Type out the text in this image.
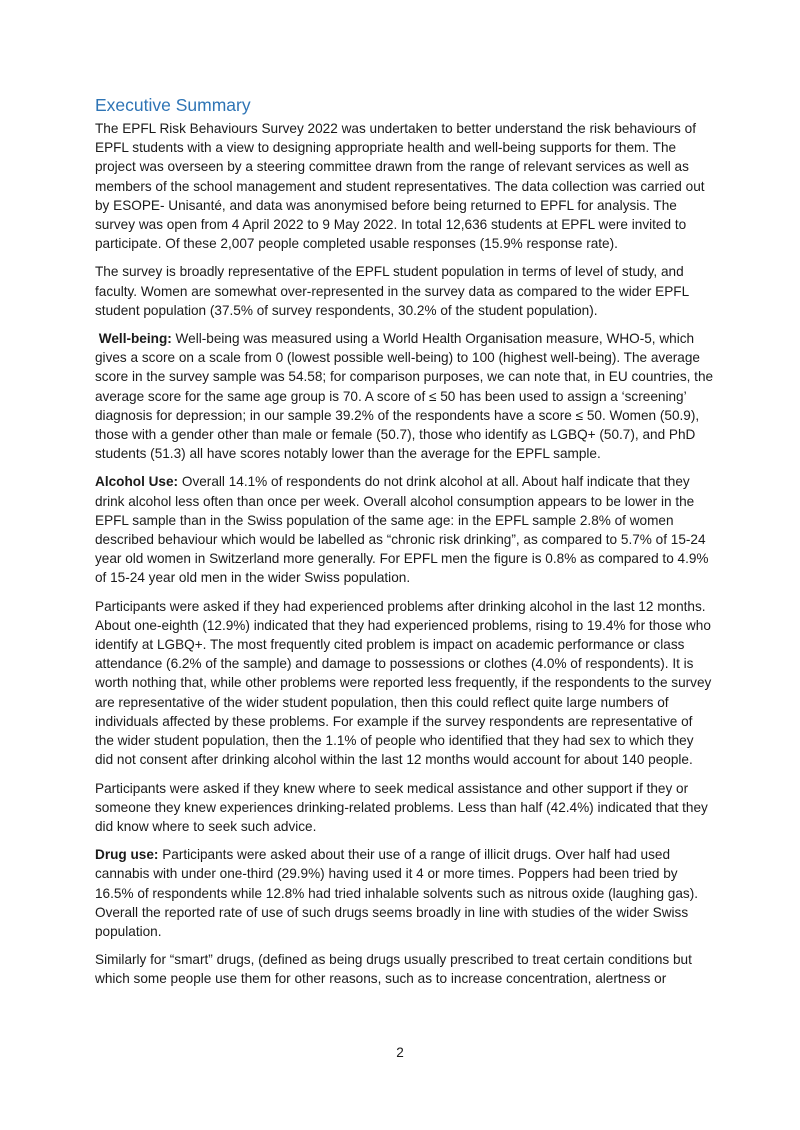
Executive Summary

The EPFL Risk Behaviours Survey 2022 was undertaken to better understand the risk behaviours of EPFL students with a view to designing appropriate health and well-being supports for them. The project was overseen by a steering committee drawn from the range of relevant services as well as members of the school management and student representatives. The data collection was carried out by ESOPE- Unisanté, and data was anonymised before being returned to EPFL for analysis. The survey was open from 4 April 2022 to 9 May 2022. In total 12,636 students at EPFL were invited to participate. Of these 2,007 people completed usable responses (15.9% response rate).

The survey is broadly representative of the EPFL student population in terms of level of study, and faculty. Women are somewhat over-represented in the survey data as compared to the wider EPFL student population (37.5% of survey respondents, 30.2% of the student population).

Well-being: Well-being was measured using a World Health Organisation measure, WHO-5, which gives a score on a scale from 0 (lowest possible well-being) to 100 (highest well-being). The average score in the survey sample was 54.58; for comparison purposes, we can note that, in EU countries, the average score for the same age group is 70. A score of ≤ 50 has been used to assign a ‘screening’ diagnosis for depression; in our sample 39.2% of the respondents have a score ≤ 50. Women (50.9), those with a gender other than male or female (50.7), those who identify as LGBQ+ (50.7), and PhD students (51.3) all have scores notably lower than the average for the EPFL sample.

Alcohol Use: Overall 14.1% of respondents do not drink alcohol at all. About half indicate that they drink alcohol less often than once per week. Overall alcohol consumption appears to be lower in the EPFL sample than in the Swiss population of the same age: in the EPFL sample 2.8% of women described behaviour which would be labelled as “chronic risk drinking”, as compared to 5.7% of 15-24 year old women in Switzerland more generally. For EPFL men the figure is 0.8% as compared to 4.9% of 15-24 year old men in the wider Swiss population.

Participants were asked if they had experienced problems after drinking alcohol in the last 12 months. About one-eighth (12.9%) indicated that they had experienced problems, rising to 19.4% for those who identify at LGBQ+. The most frequently cited problem is impact on academic performance or class attendance (6.2% of the sample) and damage to possessions or clothes (4.0% of respondents). It is worth nothing that, while other problems were reported less frequently, if the respondents to the survey are representative of the wider student population, then this could reflect quite large numbers of individuals affected by these problems. For example if the survey respondents are representative of the wider student population, then the 1.1% of people who identified that they had sex to which they did not consent after drinking alcohol within the last 12 months would account for about 140 people.

Participants were asked if they knew where to seek medical assistance and other support if they or someone they knew experiences drinking-related problems. Less than half (42.4%) indicated that they did know where to seek such advice.

Drug use: Participants were asked about their use of a range of illicit drugs. Over half had used cannabis with under one-third (29.9%) having used it 4 or more times. Poppers had been tried by 16.5% of respondents while 12.8% had tried inhalable solvents such as nitrous oxide (laughing gas). Overall the reported rate of use of such drugs seems broadly in line with studies of the wider Swiss population.

Similarly for “smart” drugs, (defined as being drugs usually prescribed to treat certain conditions but which some people use them for other reasons, such as to increase concentration, alertness or

2
